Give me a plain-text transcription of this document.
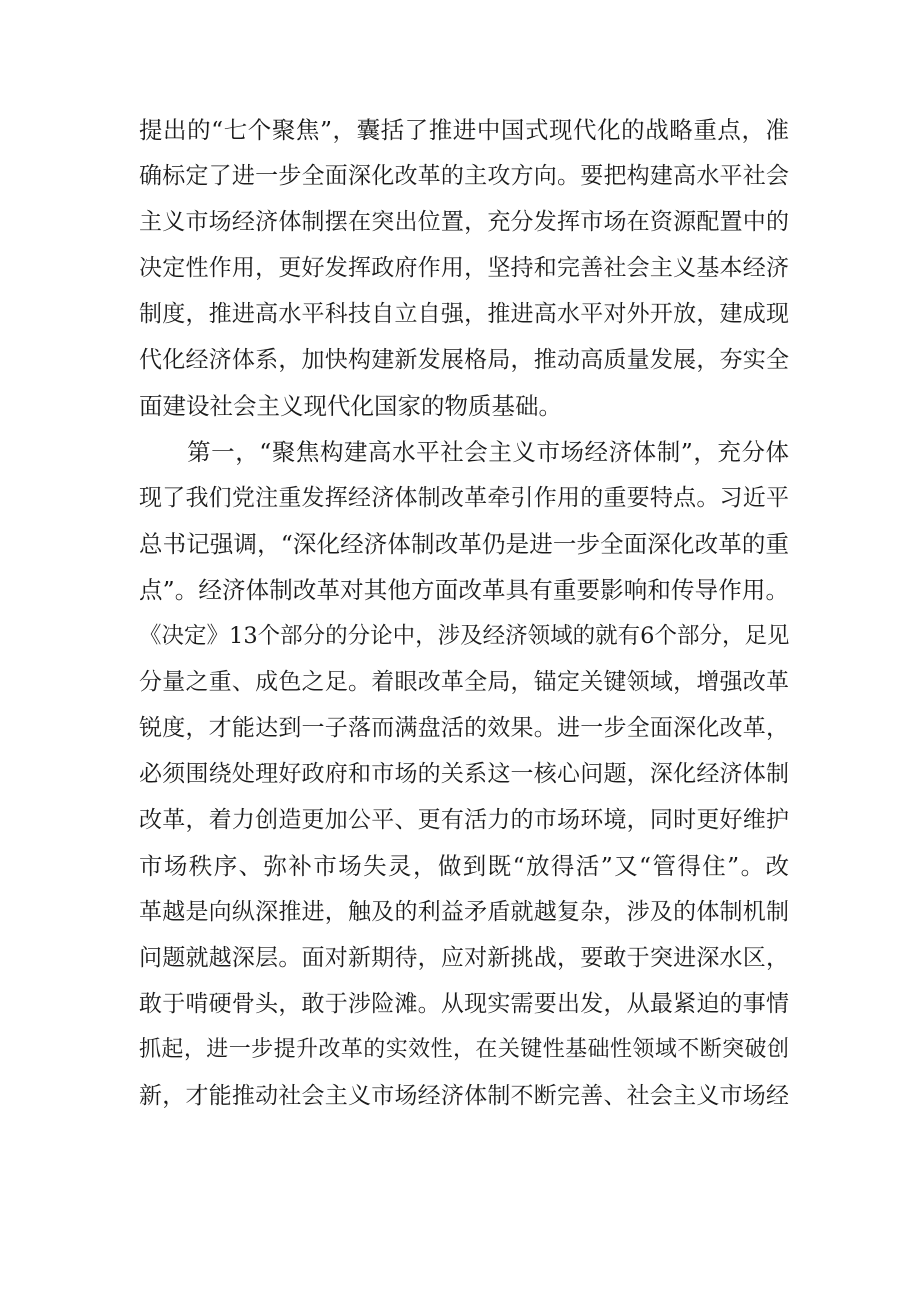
提出的“七个聚焦”，囊括了推进中国式现代化的战略重点，准
确标定了进一步全面深化改革的主攻方向。要把构建高水平社会
主义市场经济体制摆在突出位置，充分发挥市场在资源配置中的
决定性作用，更好发挥政府作用，坚持和完善社会主义基本经济
制度，推进高水平科技自立自强，推进高水平对外开放，建成现
代化经济体系，加快构建新发展格局，推动高质量发展，夯实全
面建设社会主义现代化国家的物质基础。
　　第一，“聚焦构建高水平社会主义市场经济体制”，充分体
现了我们党注重发挥经济体制改革牵引作用的重要特点。习近平
总书记强调，“深化经济体制改革仍是进一步全面深化改革的重
点”。经济体制改革对其他方面改革具有重要影响和传导作用。
《决定》13个部分的分论中，涉及经济领域的就有6个部分，足见
分量之重、成色之足。着眼改革全局，锚定关键领域，增强改革
锐度，才能达到一子落而满盘活的效果。进一步全面深化改革，
必须围绕处理好政府和市场的关系这一核心问题，深化经济体制
改革，着力创造更加公平、更有活力的市场环境，同时更好维护
市场秩序、弥补市场失灵，做到既“放得活”又“管得住”。改
革越是向纵深推进，触及的利益矛盾就越复杂，涉及的体制机制
问题就越深层。面对新期待，应对新挑战，要敢于突进深水区，
敢于啃硬骨头，敢于涉险滩。从现实需要出发，从最紧迫的事情
抓起，进一步提升改革的实效性，在关键性基础性领域不断突破创
新，才能推动社会主义市场经济体制不断完善、社会主义市场经
